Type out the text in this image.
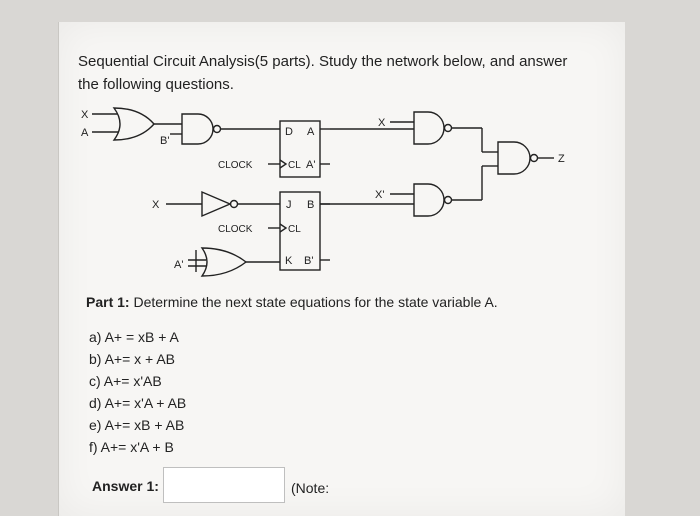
Sequential Circuit Analysis(5 parts). Study the network below, and answer
the following questions.
X
A
B'
CLOCK
D A
CL A'
X
CLOCK
J B
CL
K B'
A'
X
X'
Z
Part 1: Determine the next state equations for the state variable A.
a) A+ = xB + A
b) A+= x + AB
c) A+= x'AB
d) A+= x'A + AB
e) A+= xB + AB
f) A+= x'A + B
Answer 1:	(Note:
